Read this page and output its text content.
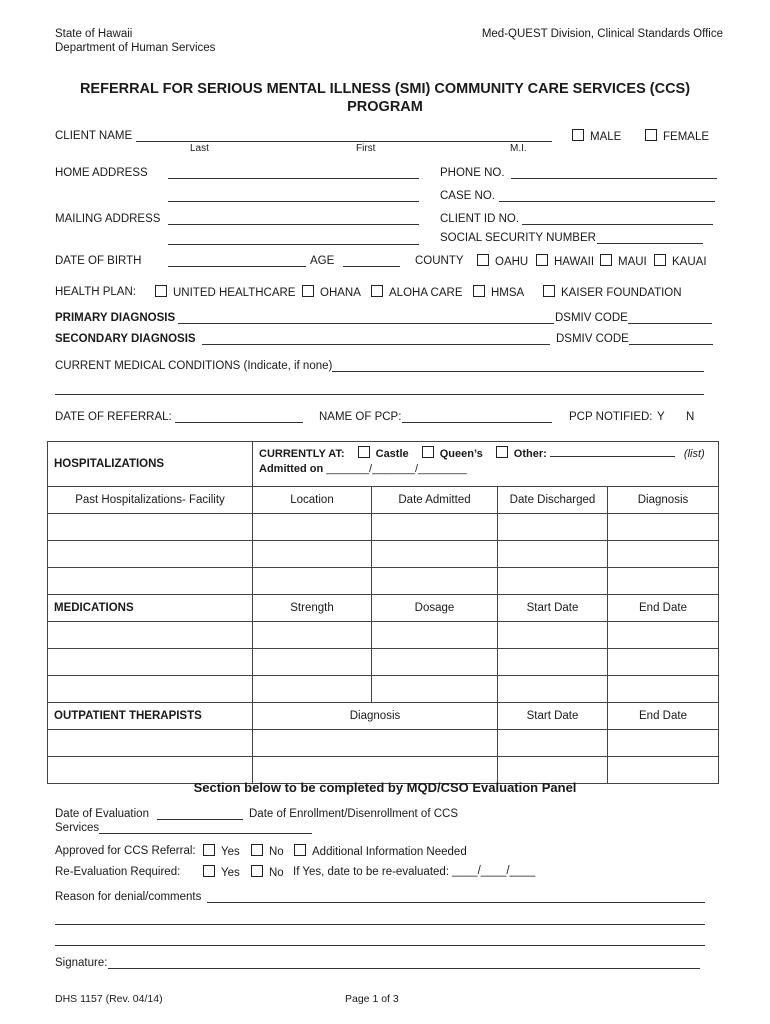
State of Hawaii
Department of Human Services
Med-QUEST Division, Clinical Standards Office
REFERRAL FOR SERIOUS MENTAL ILLNESS (SMI) COMMUNITY CARE SERVICES (CCS)
PROGRAM
CLIENT NAME
Last	First	M.I.
MALE	FEMALE
HOME ADDRESS	PHONE NO.
CASE NO.
MAILING ADDRESS	CLIENT ID NO.
SOCIAL SECURITY NUMBER
DATE OF BIRTH	AGE	COUNTY	OAHU	HAWAII	MAUI	KAUAI
HEALTH PLAN:	UNITED HEALTHCARE	OHANA	ALOHA CARE	HMSA	KAISER FOUNDATION
PRIMARY DIAGNOSIS	DSMIV CODE
SECONDARY DIAGNOSIS	DSMIV CODE
CURRENT MEDICAL CONDITIONS (Indicate, if none)
DATE OF REFERRAL:	NAME OF PCP:	PCP NOTIFIED: Y N
HOSPITALIZATIONS	CURRENTLY AT: Castle Queen’s Other: (list)
Admitted on _______/_______/________			

Past Hospitalizations- Facility	Location	Date Admitted	Date Discharged	Diagnosis

MEDICATIONS	Strength	Dosage	Start Date	End Date

OUTPATIENT THERAPISTS	Diagnosis		Start Date	End Date

Section below to be completed by MQD/CSO Evaluation Panel
Date of Evaluation	Date of Enrollment/Disenrollment of CCS
Services
Approved for CCS Referral:	Yes	No	Additional Information Needed
Re-Evaluation Required:	Yes	No If Yes, date to be re-evaluated: ____/____/____
Reason for denial/comments
Signature:
DHS 1157 (Rev. 04/14)	Page 1 of 3
